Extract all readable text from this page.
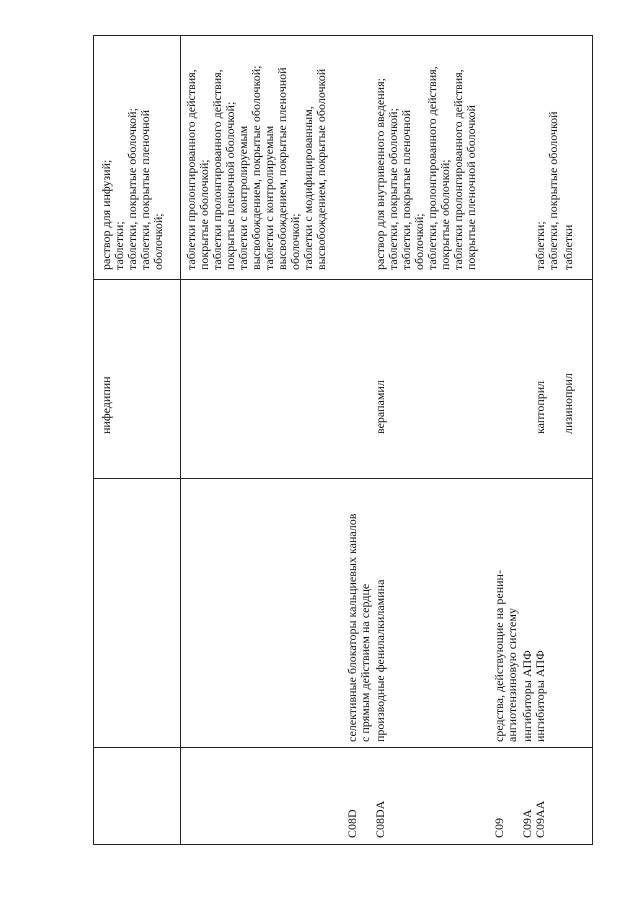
нифедипин
раствор для инфузий; таблетки; таблетки, покрытые оболочкой; таблетки, покрытые пленочной оболочкой; таблетки пролонгированного действия, покрытые оболочкой; таблетки пролонгированного действия, покрытые пленочной оболочкой; таблетки с контролируемым высвобождением, покрытые оболочкой; таблетки с контролируемым высвобождением, покрытые пленочной оболочкой; таблетки с модифицированным, высвобождением, покрытые оболочкой
C08D
селективные блокаторы кальциевых каналов с прямым действием на сердце
C08DA
производные фенилалкиламина
верапамил
раствор для внутривенного введения; таблетки, покрытые оболочкой; таблетки, покрытые пленочной оболочкой; таблетки, пролонгированного действия, покрытые оболочкой; таблетки пролонгированного действия, покрытые пленочной оболочкой
C09
средства, действующие на ренин- ангиотензиновую систему
C09A
ингибиторы АПФ
C09AA
ингибиторы АПФ
каптоприл
таблетки; таблетки, покрытые оболочкой
лизиноприл
таблетки
